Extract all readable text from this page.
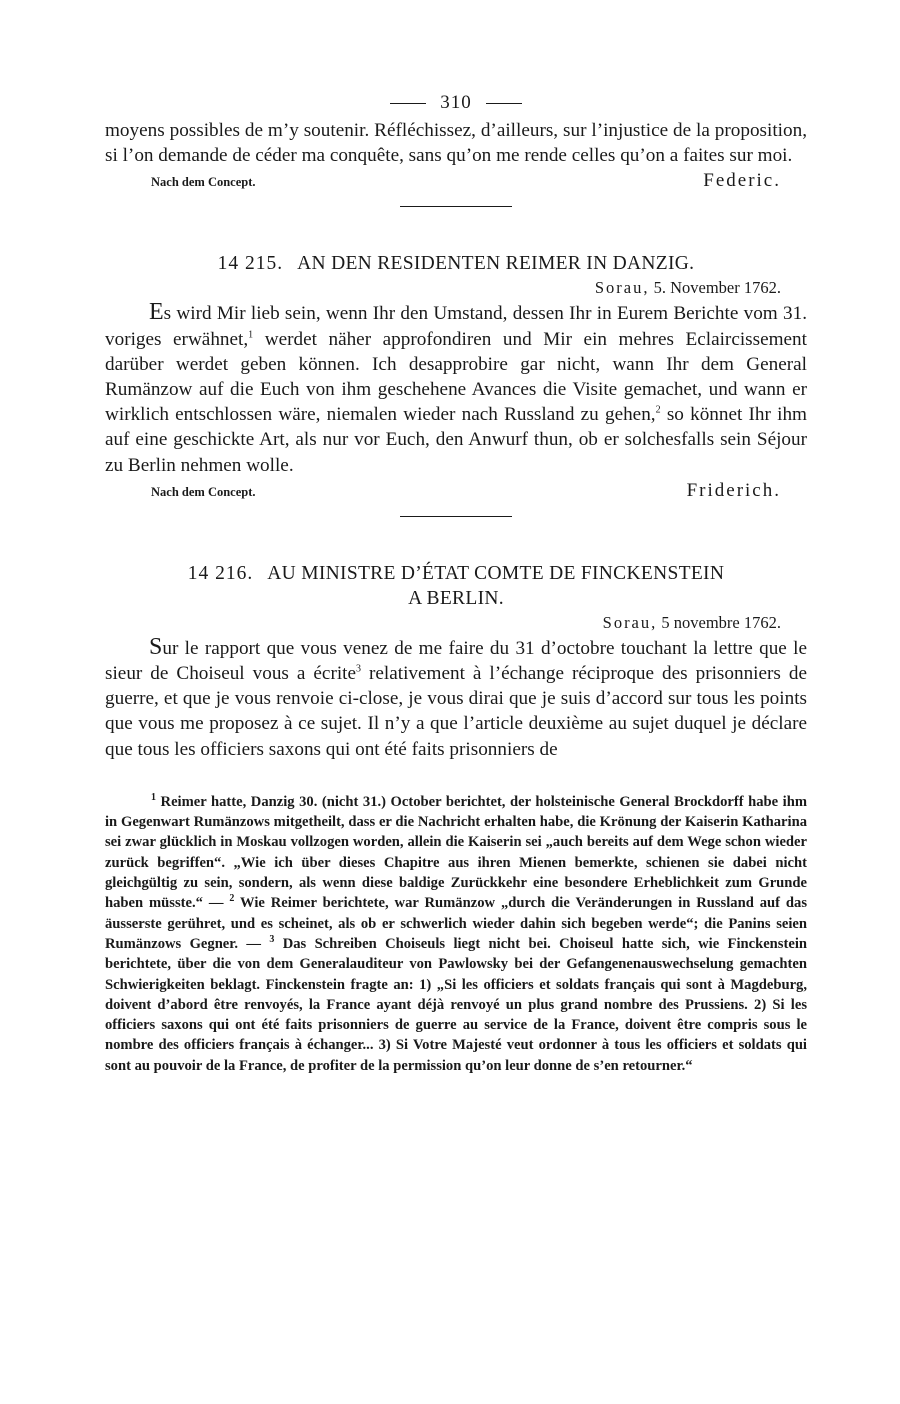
310

moyens possibles de m’y soutenir. Réfléchissez, d’ailleurs, sur l’injustice de la proposition, si l’on demande de céder ma conquête, sans qu’on me rende celles qu’on a faites sur moi.

Nach dem Concept.	Federic.
14 215. AN DEN RESIDENTEN REIMER IN DANZIG.
Sorau, 5. November 1762.

Es wird Mir lieb sein, wenn Ihr den Umstand, dessen Ihr in Eurem Berichte vom 31. voriges erwähnet,$^1$ werdet näher approfondiren und Mir ein mehres Eclaircissement darüber werdet geben können. Ich desapprobire gar nicht, wann Ihr dem General Rumänzow auf die Euch von ihm geschehene Avances die Visite gemachet, und wann er wirklich entschlossen wäre, niemalen wieder nach Russland zu gehen,$^2$ so könnet Ihr ihm auf eine geschickte Art, als nur vor Euch, den Anwurf thun, ob er solchesfalls sein Séjour zu Berlin nehmen wolle.

Nach dem Concept.	Friderich.
14 216. AU MINISTRE D’ÉTAT COMTE DE FINCKENSTEIN
A BERLIN.
Sorau, 5 novembre 1762.

Sur le rapport que vous venez de me faire du 31 d’octobre touchant la lettre que le sieur de Choiseul vous a écrite$^3$ relativement à l’échange réciproque des prisonniers de guerre, et que je vous renvoie ci-close, je vous dirai que je suis d’accord sur tous les points que vous me proposez à ce sujet. Il n’y a que l’article deuxième au sujet duquel je déclare que tous les officiers saxons qui ont été faits prisonniers de

$^1$ Reimer hatte, Danzig 30. (nicht 31.) October berichtet, der holsteinische General Brockdorff habe ihm in Gegenwart Rumänzows mitgetheilt, dass er die Nachricht erhalten habe, die Krönung der Kaiserin Katharina sei zwar glücklich in Moskau vollzogen worden, allein die Kaiserin sei „auch bereits auf dem Wege schon wieder zurück begriffen“. „Wie ich über dieses Chapitre aus ihren Mienen bemerkte, schienen sie dabei nicht gleichgültig zu sein, sondern, als wenn diese baldige Zurückkehr eine besondere Erheblichkeit zum Grunde haben müsste.“ — $^2$ Wie Reimer berichtete, war Rumänzow „durch die Veränderungen in Russland auf das äusserste gerühret, und es scheinet, als ob er schwerlich wieder dahin sich begeben werde“; die Panins seien Rumänzows Gegner. — $^3$ Das Schreiben Choiseuls liegt nicht bei. Choiseul hatte sich, wie Finckenstein berichtete, über die von dem Generalauditeur von Pawlowsky bei der Gefangenenauswechselung gemachten Schwierigkeiten beklagt. Finckenstein fragte an: 1) „Si les officiers et soldats français qui sont à Magdeburg, doivent d’abord être renvoyés, la France ayant déjà renvoyé un plus grand nombre des Prussiens. 2) Si les officiers saxons qui ont été faits prisonniers de guerre au service de la France, doivent être compris sous le nombre des officiers français à échanger... 3) Si Votre Majesté veut ordonner à tous les officiers et soldats qui sont au pouvoir de la France, de profiter de la permission qu’on leur donne de s’en retourner.“
